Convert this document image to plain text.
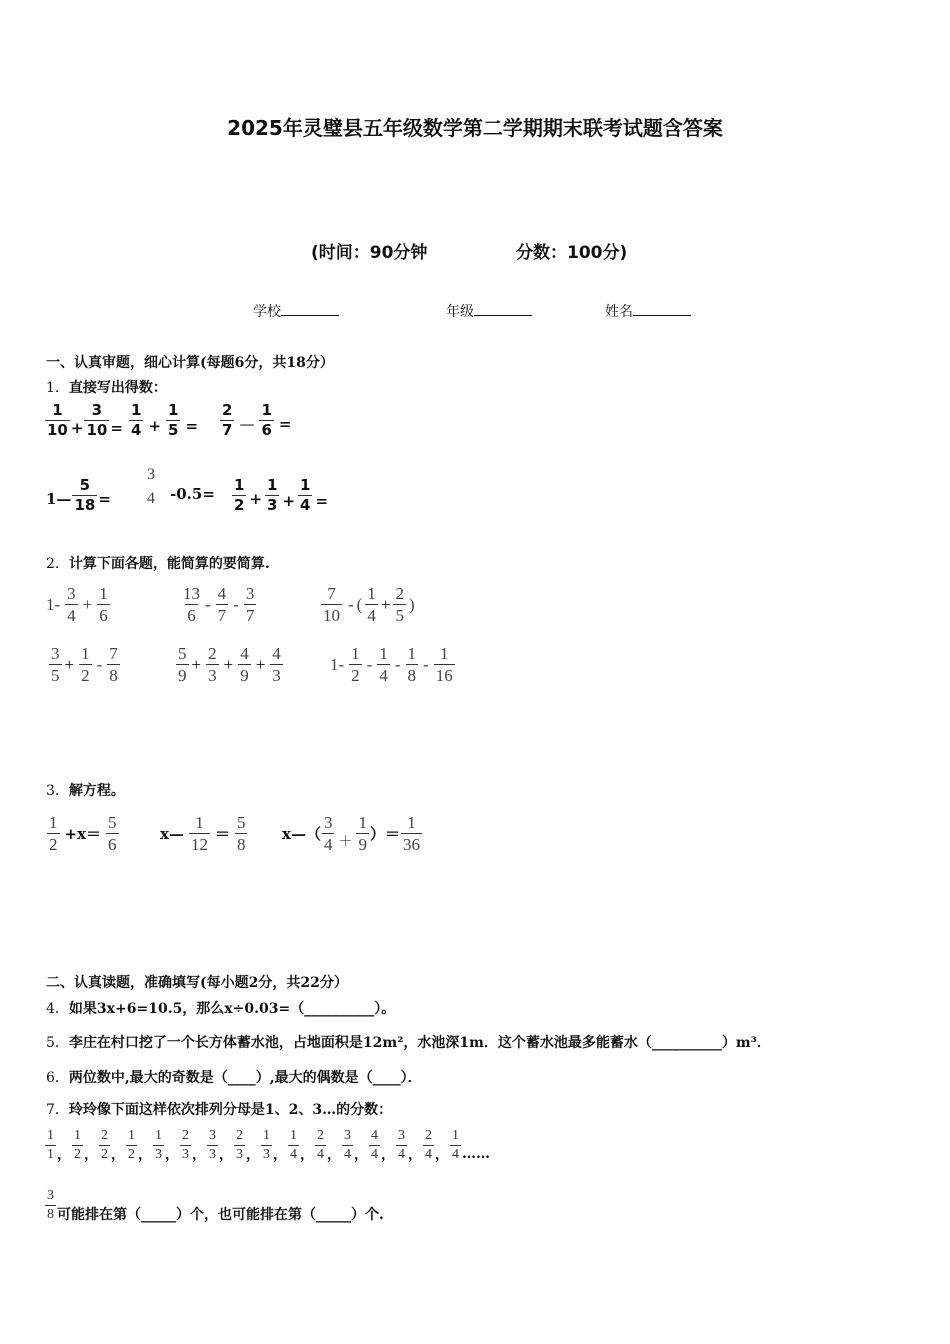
2025年灵璧县五年级数学第二学期期末联考试题含答案
(时间：90分钟	分数：100分)
学校	年级	姓名
一、认真审题，细心计算(每题6分，共18分）
1．直接写出得数：
$\frac{1}{10} + \frac{3}{10} = \frac{1}{4} + \frac{1}{5} = \frac{2}{7}$ — $\frac{1}{6}$ =
1— $\frac{5}{18}$ =
3
4 $-0.5= \frac{1}{2} + \frac{1}{3} + \frac{1}{4}$ =
2．计算下面各题，能简算的要简算.
$1- \frac{3}{4} + \frac{1}{6}$	$\frac{13}{6} - \frac{4}{7} - \frac{3}{7}$	$\frac{7}{10}$ - ( $\frac{1}{4} + \frac{2}{5}$ )
$\frac{3}{5} + \frac{1}{2} - \frac{7}{8}$	$\frac{5}{9} + \frac{2}{3} + \frac{4}{9} + \frac{4}{3}$	$1- \frac{1}{2} - \frac{1}{4} - \frac{1}{8} - \frac{1}{16}$
3．解方程。
$\frac{1}{2} +x= \frac{5}{6}$	x— $\frac{1}{12} = \frac{5}{8}$ x—（ $\frac{3}{4} + \frac{1}{9}$ ）＝ $\frac{1}{36}$
二、认真读题，准确填写(每小题2分，共22分）
4．如果3x+6=10.5，那么x÷0.03=（__________）。
5．李庄在村口挖了一个长方体蓄水池，占地面积是12m²，水池深1m．这个蓄水池最多能蓄水（__________）m³．
6．两位数中,最大的奇数是（____）,最大的偶数是（____）．
7．玲玲像下面这样依次排列分母是1、2、3…的分数：
$\frac{1}{1}$ ， $\frac{1}{2}$ ， $\frac{2}{2}$ ， $\frac{1}{2}$ ， $\frac{1}{3}$ ， $\frac{2}{3}$ ， $\frac{3}{3}$ ， $\frac{2}{3}$ ， $\frac{1}{3}$ ， $\frac{1}{4}$ ， $\frac{2}{4}$ ， $\frac{3}{4}$ ， $\frac{4}{4}$ ， $\frac{3}{4}$ ， $\frac{2}{4}$ ， $\frac{1}{4}$ ……
$\frac{3}{8}$ 可能排在第（_____）个，也可能排在第（_____）个.
